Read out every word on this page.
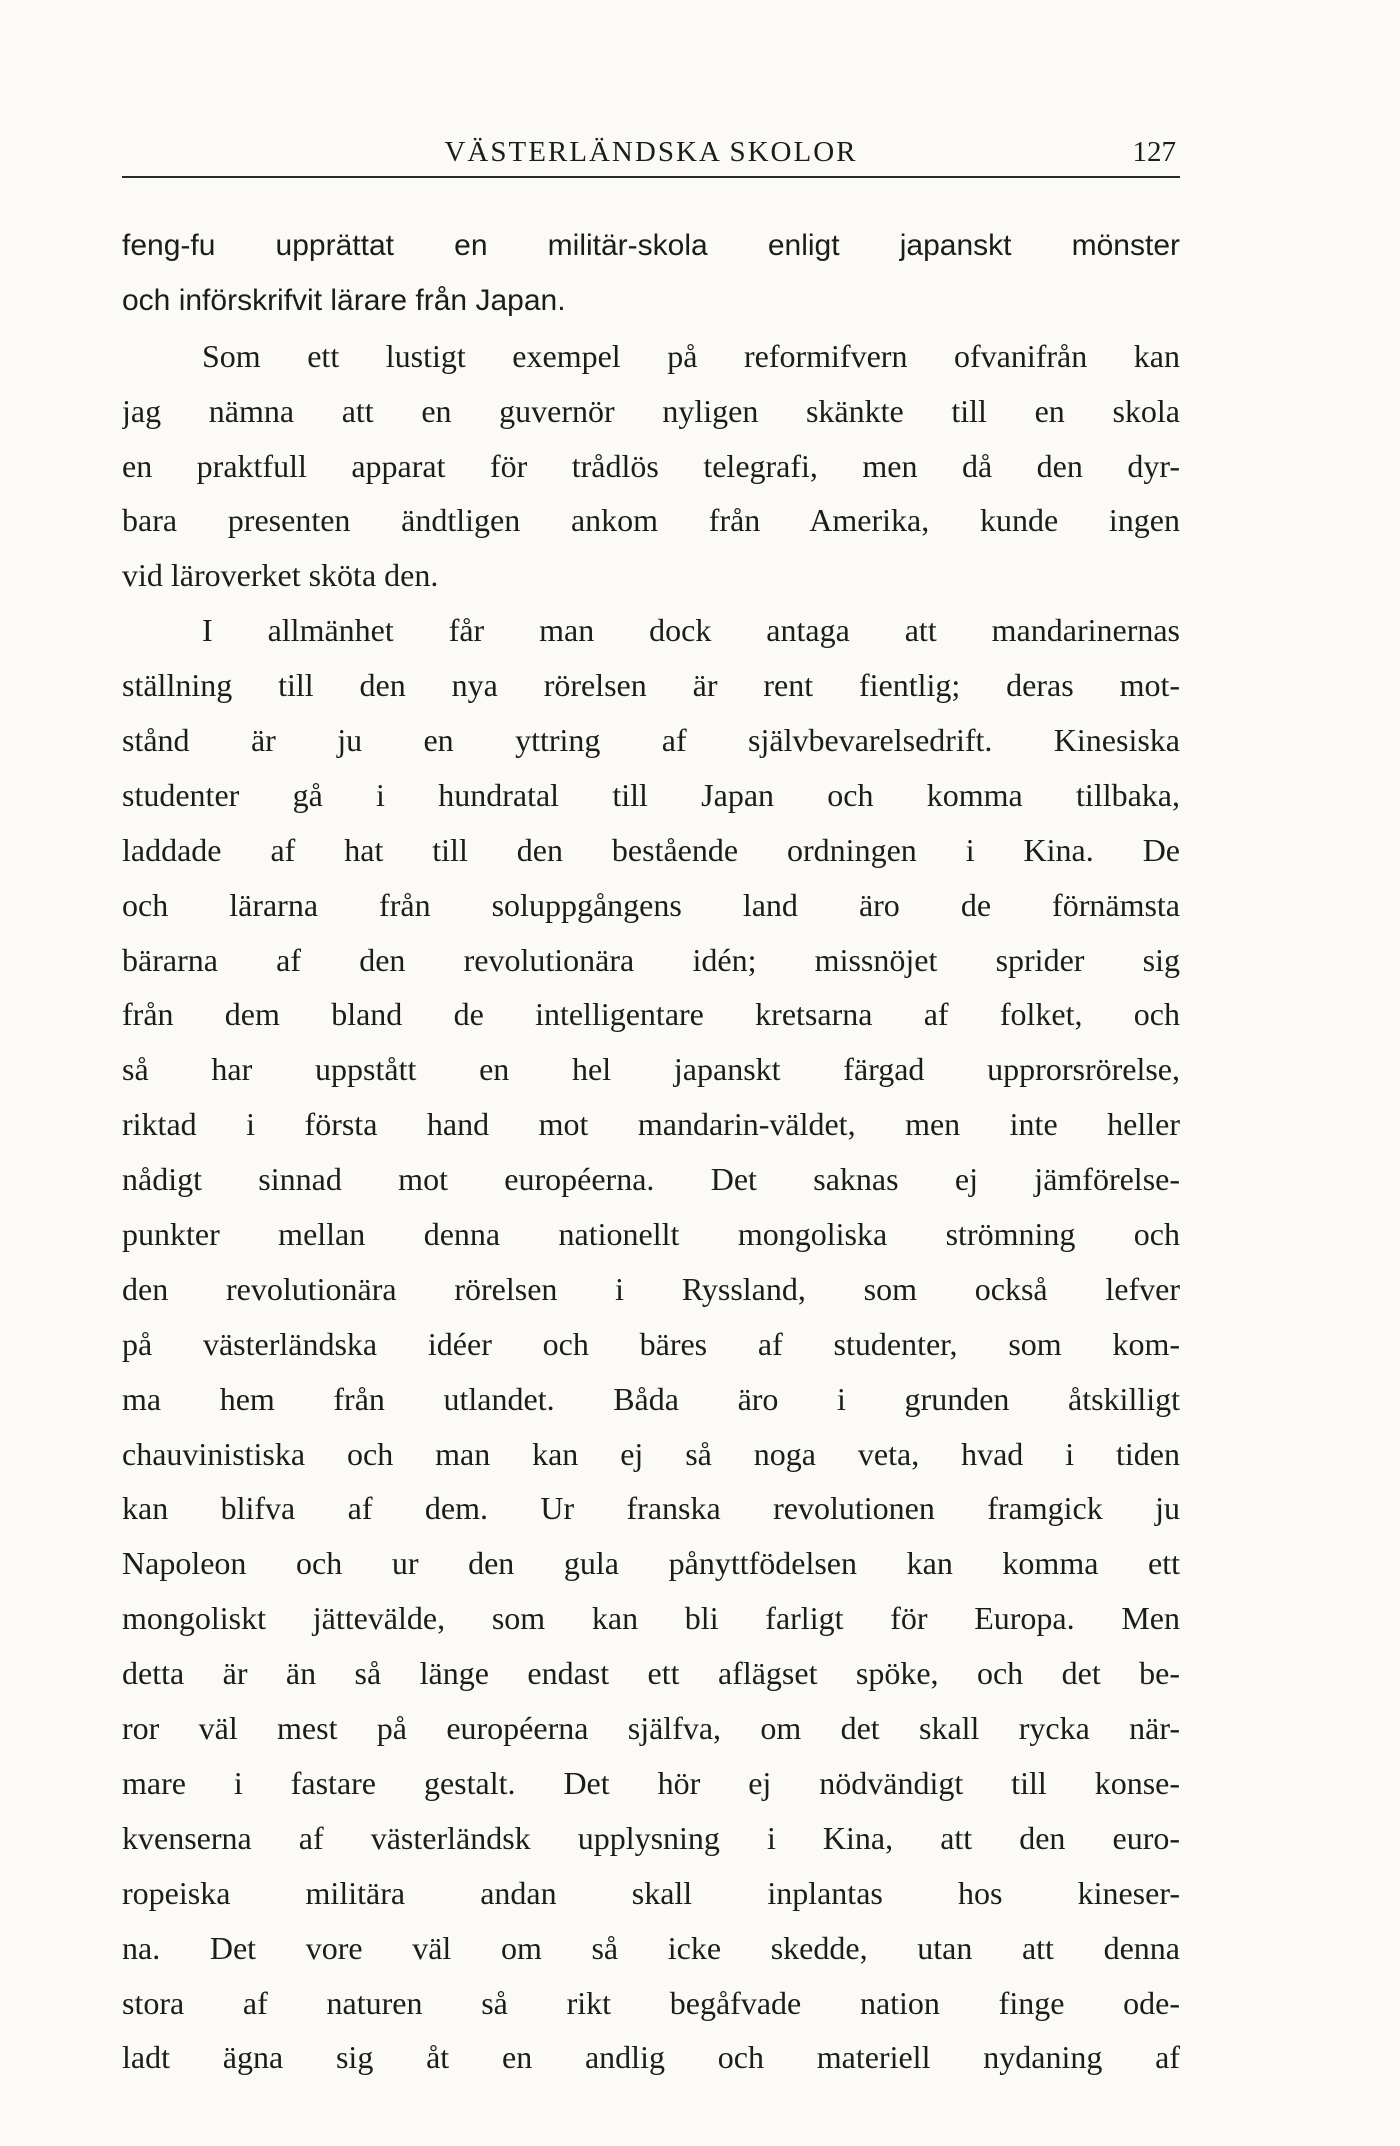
VÄSTERLÄNDSKA SKOLOR	127
feng-fu upprättat en militär-skola enligt japanskt mönster
och införskrifvit lärare från Japan.
Som ett lustigt exempel på reformifvern ofvanifrån kan
jag nämna att en guvernör nyligen skänkte till en skola
en praktfull apparat för trådlös telegrafi, men då den dyr-
bara presenten ändtligen ankom från Amerika, kunde ingen
vid läroverket sköta den.
I allmänhet får man dock antaga att mandarinernas
ställning till den nya rörelsen är rent fientlig; deras mot-
stånd är ju en yttring af självbevarelsedrift. Kinesiska
studenter gå i hundratal till Japan och komma tillbaka,
laddade af hat till den bestående ordningen i Kina. De
och lärarna från soluppgångens land äro de förnämsta
bärarna af den revolutionära idén; missnöjet sprider sig
från dem bland de intelligentare kretsarna af folket, och
så har uppstått en hel japanskt färgad upprorsrörelse,
riktad i första hand mot mandarin-väldet, men inte heller
nådigt sinnad mot européerna. Det saknas ej jämförelse-
punkter mellan denna nationellt mongoliska strömning och
den revolutionära rörelsen i Ryssland, som också lefver
på västerländska idéer och bäres af studenter, som kom-
ma hem från utlandet. Båda äro i grunden åtskilligt
chauvinistiska och man kan ej så noga veta, hvad i tiden
kan blifva af dem. Ur franska revolutionen framgick ju
Napoleon och ur den gula pånyttfödelsen kan komma ett
mongoliskt jättevälde, som kan bli farligt för Europa. Men
detta är än så länge endast ett aflägset spöke, och det be-
ror väl mest på européerna själfva, om det skall rycka när-
mare i fastare gestalt. Det hör ej nödvändigt till konse-
kvenserna af västerländsk upplysning i Kina, att den euro-
ropeiska militära andan skall inplantas hos kineser-
na. Det vore väl om så icke skedde, utan att denna
stora af naturen så rikt begåfvade nation finge ode-
ladt ägna sig åt en andlig och materiell nydaning af
